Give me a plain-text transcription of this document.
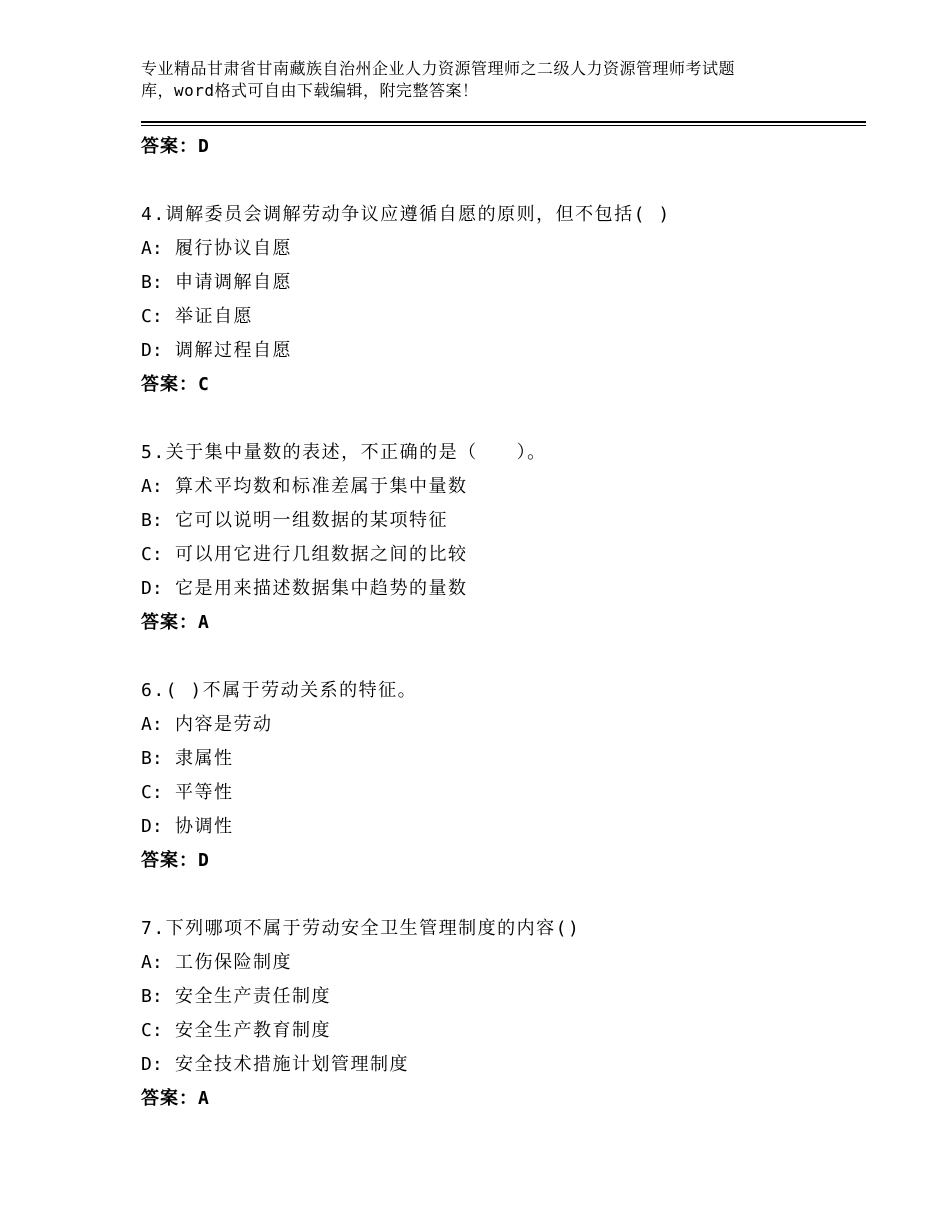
专业精品甘肃省甘南藏族自治州企业人力资源管理师之二级人力资源管理师考试题
库，word格式可自由下载编辑，附完整答案！
答案：D
4.调解委员会调解劳动争议应遵循自愿的原则，但不包括( )
A: 履行协议自愿
B: 申请调解自愿
C: 举证自愿
D: 调解过程自愿
答案：C
5.关于集中量数的表述，不正确的是（　　）。
A: 算术平均数和标准差属于集中量数
B: 它可以说明一组数据的某项特征
C: 可以用它进行几组数据之间的比较
D: 它是用来描述数据集中趋势的量数
答案：A
6.( )不属于劳动关系的特征。
A: 内容是劳动
B: 隶属性
C: 平等性
D: 协调性
答案：D
7.下列哪项不属于劳动安全卫生管理制度的内容()
A: 工伤保险制度
B: 安全生产责任制度
C: 安全生产教育制度
D: 安全技术措施计划管理制度
答案：A
